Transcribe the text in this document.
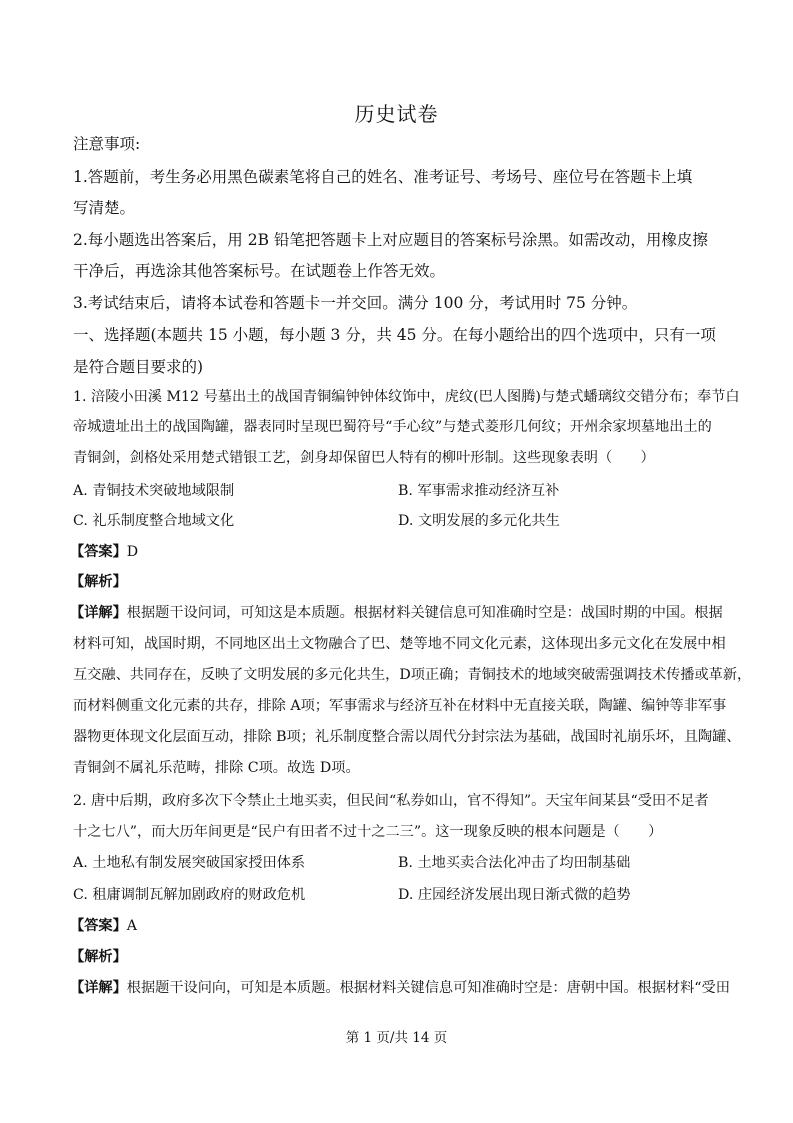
历史试卷
注意事项:
1.答题前，考生务必用黑色碳素笔将自己的姓名、准考证号、考场号、座位号在答题卡上填
写清楚。
2.每小题选出答案后，用 2B 铅笔把答题卡上对应题目的答案标号涂黑。如需改动，用橡皮擦
干净后，再选涂其他答案标号。在试题卷上作答无效。
3.考试结束后，请将本试卷和答题卡一并交回。满分 100 分，考试用时 75 分钟。
一、选择题(本题共 15 小题，每小题 3 分，共 45 分。在每小题给出的四个选项中，只有一项
是符合题目要求的)
1. 涪陵小田溪 M12 号墓出土的战国青铜编钟钟体纹饰中，虎纹(巴人图腾)与楚式蟠璃纹交错分布；奉节白
帝城遗址出土的战国陶罐，器表同时呈现巴蜀符号“手心纹”与楚式菱形几何纹；开州余家坝墓地出土的
青铜剑，剑格处采用楚式错银工艺，剑身却保留巴人特有的柳叶形制。这些现象表明（　　）
A. 青铜技术突破地域限制	B. 军事需求推动经济互补
C. 礼乐制度整合地域文化	D. 文明发展的多元化共生
【答案】D
【解析】
【详解】根据题干设问词，可知这是本质题。根据材料关键信息可知准确时空是：战国时期的中国。根据
材料可知，战国时期，不同地区出土文物融合了巴、楚等地不同文化元素，这体现出多元文化在发展中相
互交融、共同存在，反映了文明发展的多元化共生，D项正确；青铜技术的地域突破需强调技术传播或革新，
而材料侧重文化元素的共存，排除 A项；军事需求与经济互补在材料中无直接关联，陶罐、编钟等非军事
器物更体现文化层面互动，排除 B项；礼乐制度整合需以周代分封宗法为基础，战国时礼崩乐坏，且陶罐、
青铜剑不属礼乐范畴，排除 C项。故选 D项。
2. 唐中后期，政府多次下令禁止土地买卖，但民间“私券如山，官不得知”。天宝年间某县“受田不足者
十之七八”，而大历年间更是“民户有田者不过十之二三”。这一现象反映的根本问题是（　　）
A. 土地私有制发展突破国家授田体系	B. 土地买卖合法化冲击了均田制基础
C. 租庸调制瓦解加剧政府的财政危机	D. 庄园经济发展出现日渐式微的趋势
【答案】A
【解析】
【详解】根据题干设问向，可知是本质题。根据材料关键信息可知准确时空是：唐朝中国。根据材料“受田
第 1 页/共 14 页
